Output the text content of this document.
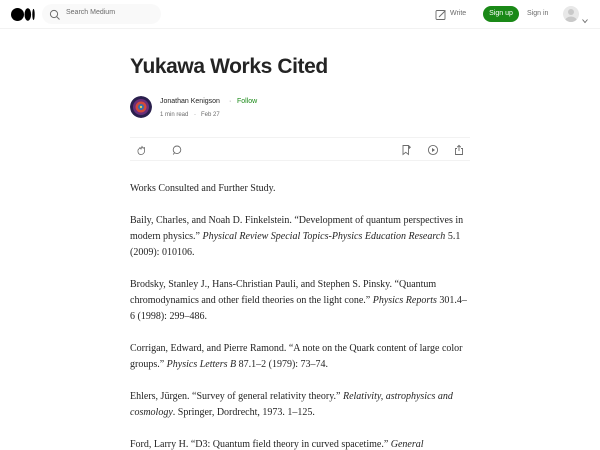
Search Medium	Write	Sign up	Sign in
Yukawa Works Cited
Jonathan Kenigson · Follow
1 min read · Feb 27

Works Consulted and Further Study.

Baily, Charles, and Noah D. Finkelstein. “Development of quantum perspectives in modern physics.” Physical Review Special Topics-Physics Education Research 5.1 (2009): 010106.

Brodsky, Stanley J., Hans-Christian Pauli, and Stephen S. Pinsky. “Quantum chromodynamics and other field theories on the light cone.” Physics Reports 301.4–6 (1998): 299–486.

Corrigan, Edward, and Pierre Ramond. “A note on the Quark content of large color groups.” Physics Letters B 87.1–2 (1979): 73–74.

Ehlers, Jürgen. “Survey of general relativity theory.” Relativity, astrophysics and cosmology. Springer, Dordrecht, 1973. 1–125.

Ford, Larry H. “D3: Quantum field theory in curved spacetime.” General
